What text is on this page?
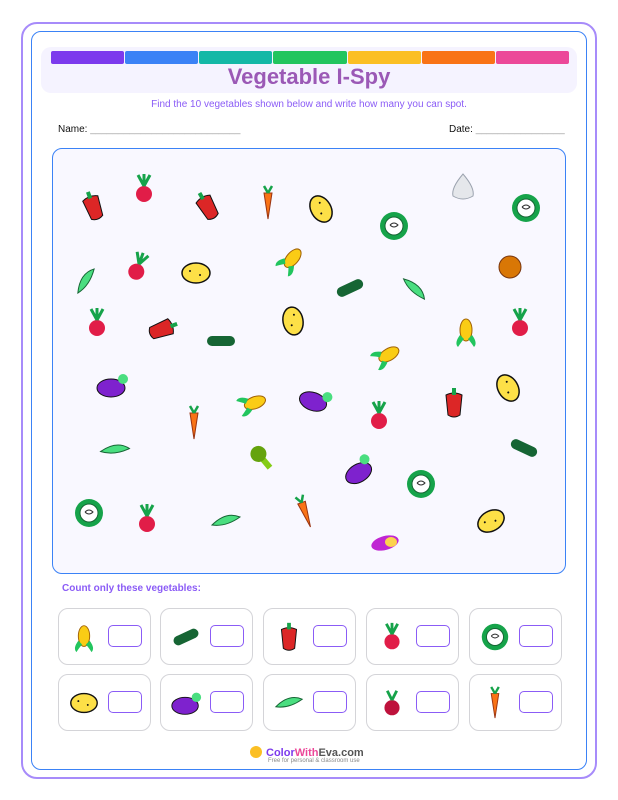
Vegetable I-Spy
Find the 10 vegetables shown below and write how many you can spot.
Name: ___________________________	Date: ________________
Count only these vegetables:
ColorWithEva.com
Free for personal & classroom use
